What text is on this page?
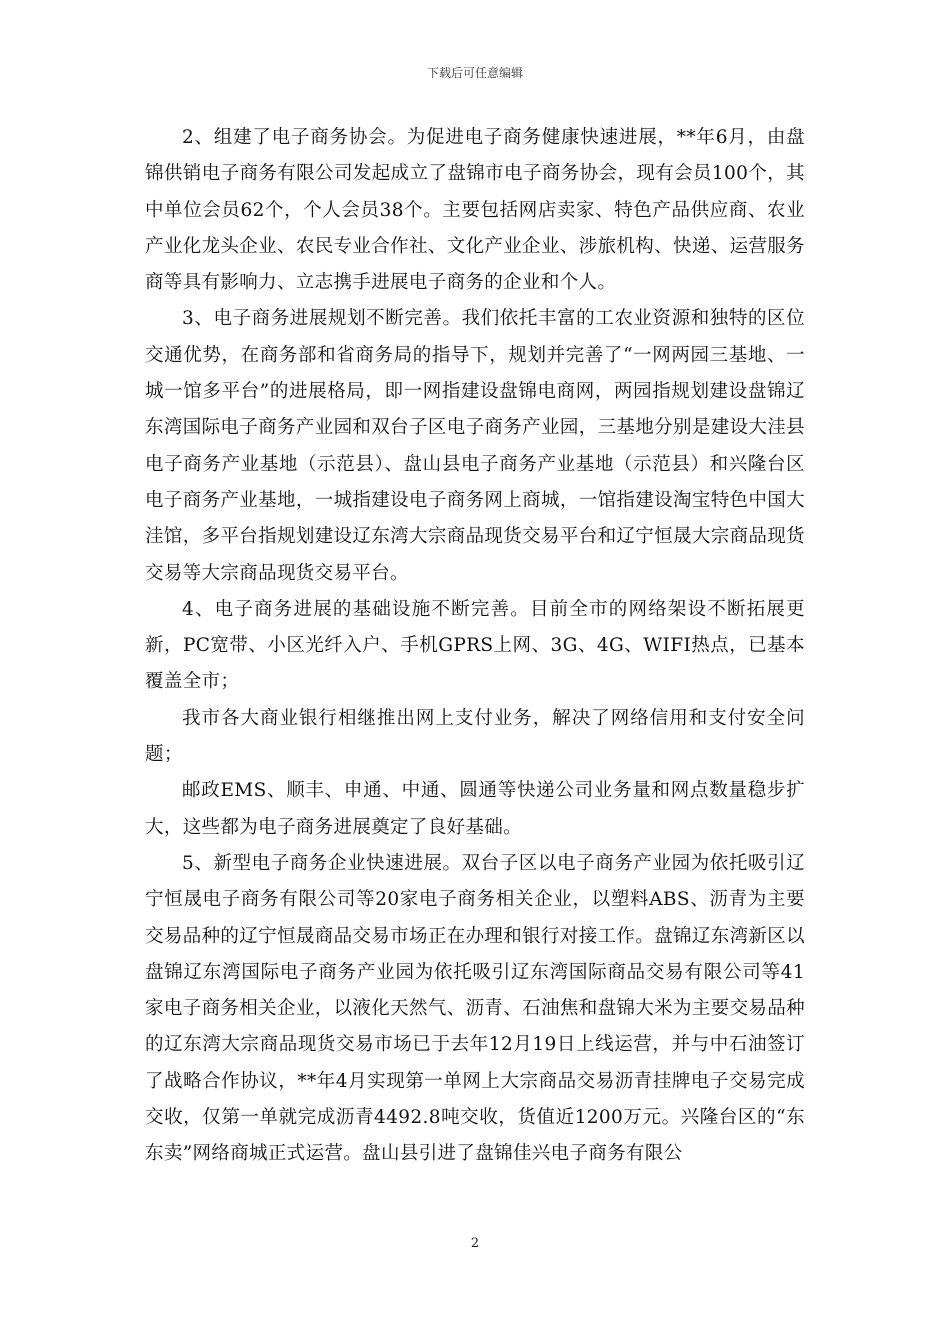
下载后可任意编辑

2、组建了电子商务协会。为促进电子商务健康快速进展，**年6月，由盘锦供销电子商务有限公司发起成立了盘锦市电子商务协会，现有会员100个，其中单位会员62个，个人会员38个。主要包括网店卖家、特色产品供应商、农业产业化龙头企业、农民专业合作社、文化产业企业、涉旅机构、快递、运营服务商等具有影响力、立志携手进展电子商务的企业和个人。

3、电子商务进展规划不断完善。我们依托丰富的工农业资源和独特的区位交通优势，在商务部和省商务局的指导下，规划并完善了“一网两园三基地、一城一馆多平台”的进展格局，即一网指建设盘锦电商网，两园指规划建设盘锦辽东湾国际电子商务产业园和双台子区电子商务产业园，三基地分别是建设大洼县电子商务产业基地（示范县）、盘山县电子商务产业基地（示范县）和兴隆台区电子商务产业基地，一城指建设电子商务网上商城，一馆指建设淘宝特色中国大洼馆，多平台指规划建设辽东湾大宗商品现货交易平台和辽宁恒晟大宗商品现货交易等大宗商品现货交易平台。

4、电子商务进展的基础设施不断完善。目前全市的网络架设不断拓展更新，PC宽带、小区光纤入户、手机GPRS上网、3G、4G、WIFI热点，已基本覆盖全市；

我市各大商业银行相继推出网上支付业务，解决了网络信用和支付安全问题；

邮政EMS、顺丰、申通、中通、圆通等快递公司业务量和网点数量稳步扩大，这些都为电子商务进展奠定了良好基础。

5、新型电子商务企业快速进展。双台子区以电子商务产业园为依托吸引辽宁恒晟电子商务有限公司等20家电子商务相关企业，以塑料ABS、沥青为主要交易品种的辽宁恒晟商品交易市场正在办理和银行对接工作。盘锦辽东湾新区以盘锦辽东湾国际电子商务产业园为依托吸引辽东湾国际商品交易有限公司等41家电子商务相关企业，以液化天然气、沥青、石油焦和盘锦大米为主要交易品种的辽东湾大宗商品现货交易市场已于去年12月19日上线运营，并与中石油签订了战略合作协议，**年4月实现第一单网上大宗商品交易沥青挂牌电子交易完成交收，仅第一单就完成沥青4492.8吨交收，货值近1200万元。兴隆台区的“东东卖”网络商城正式运营。盘山县引进了盘锦佳兴电子商务有限公

2
